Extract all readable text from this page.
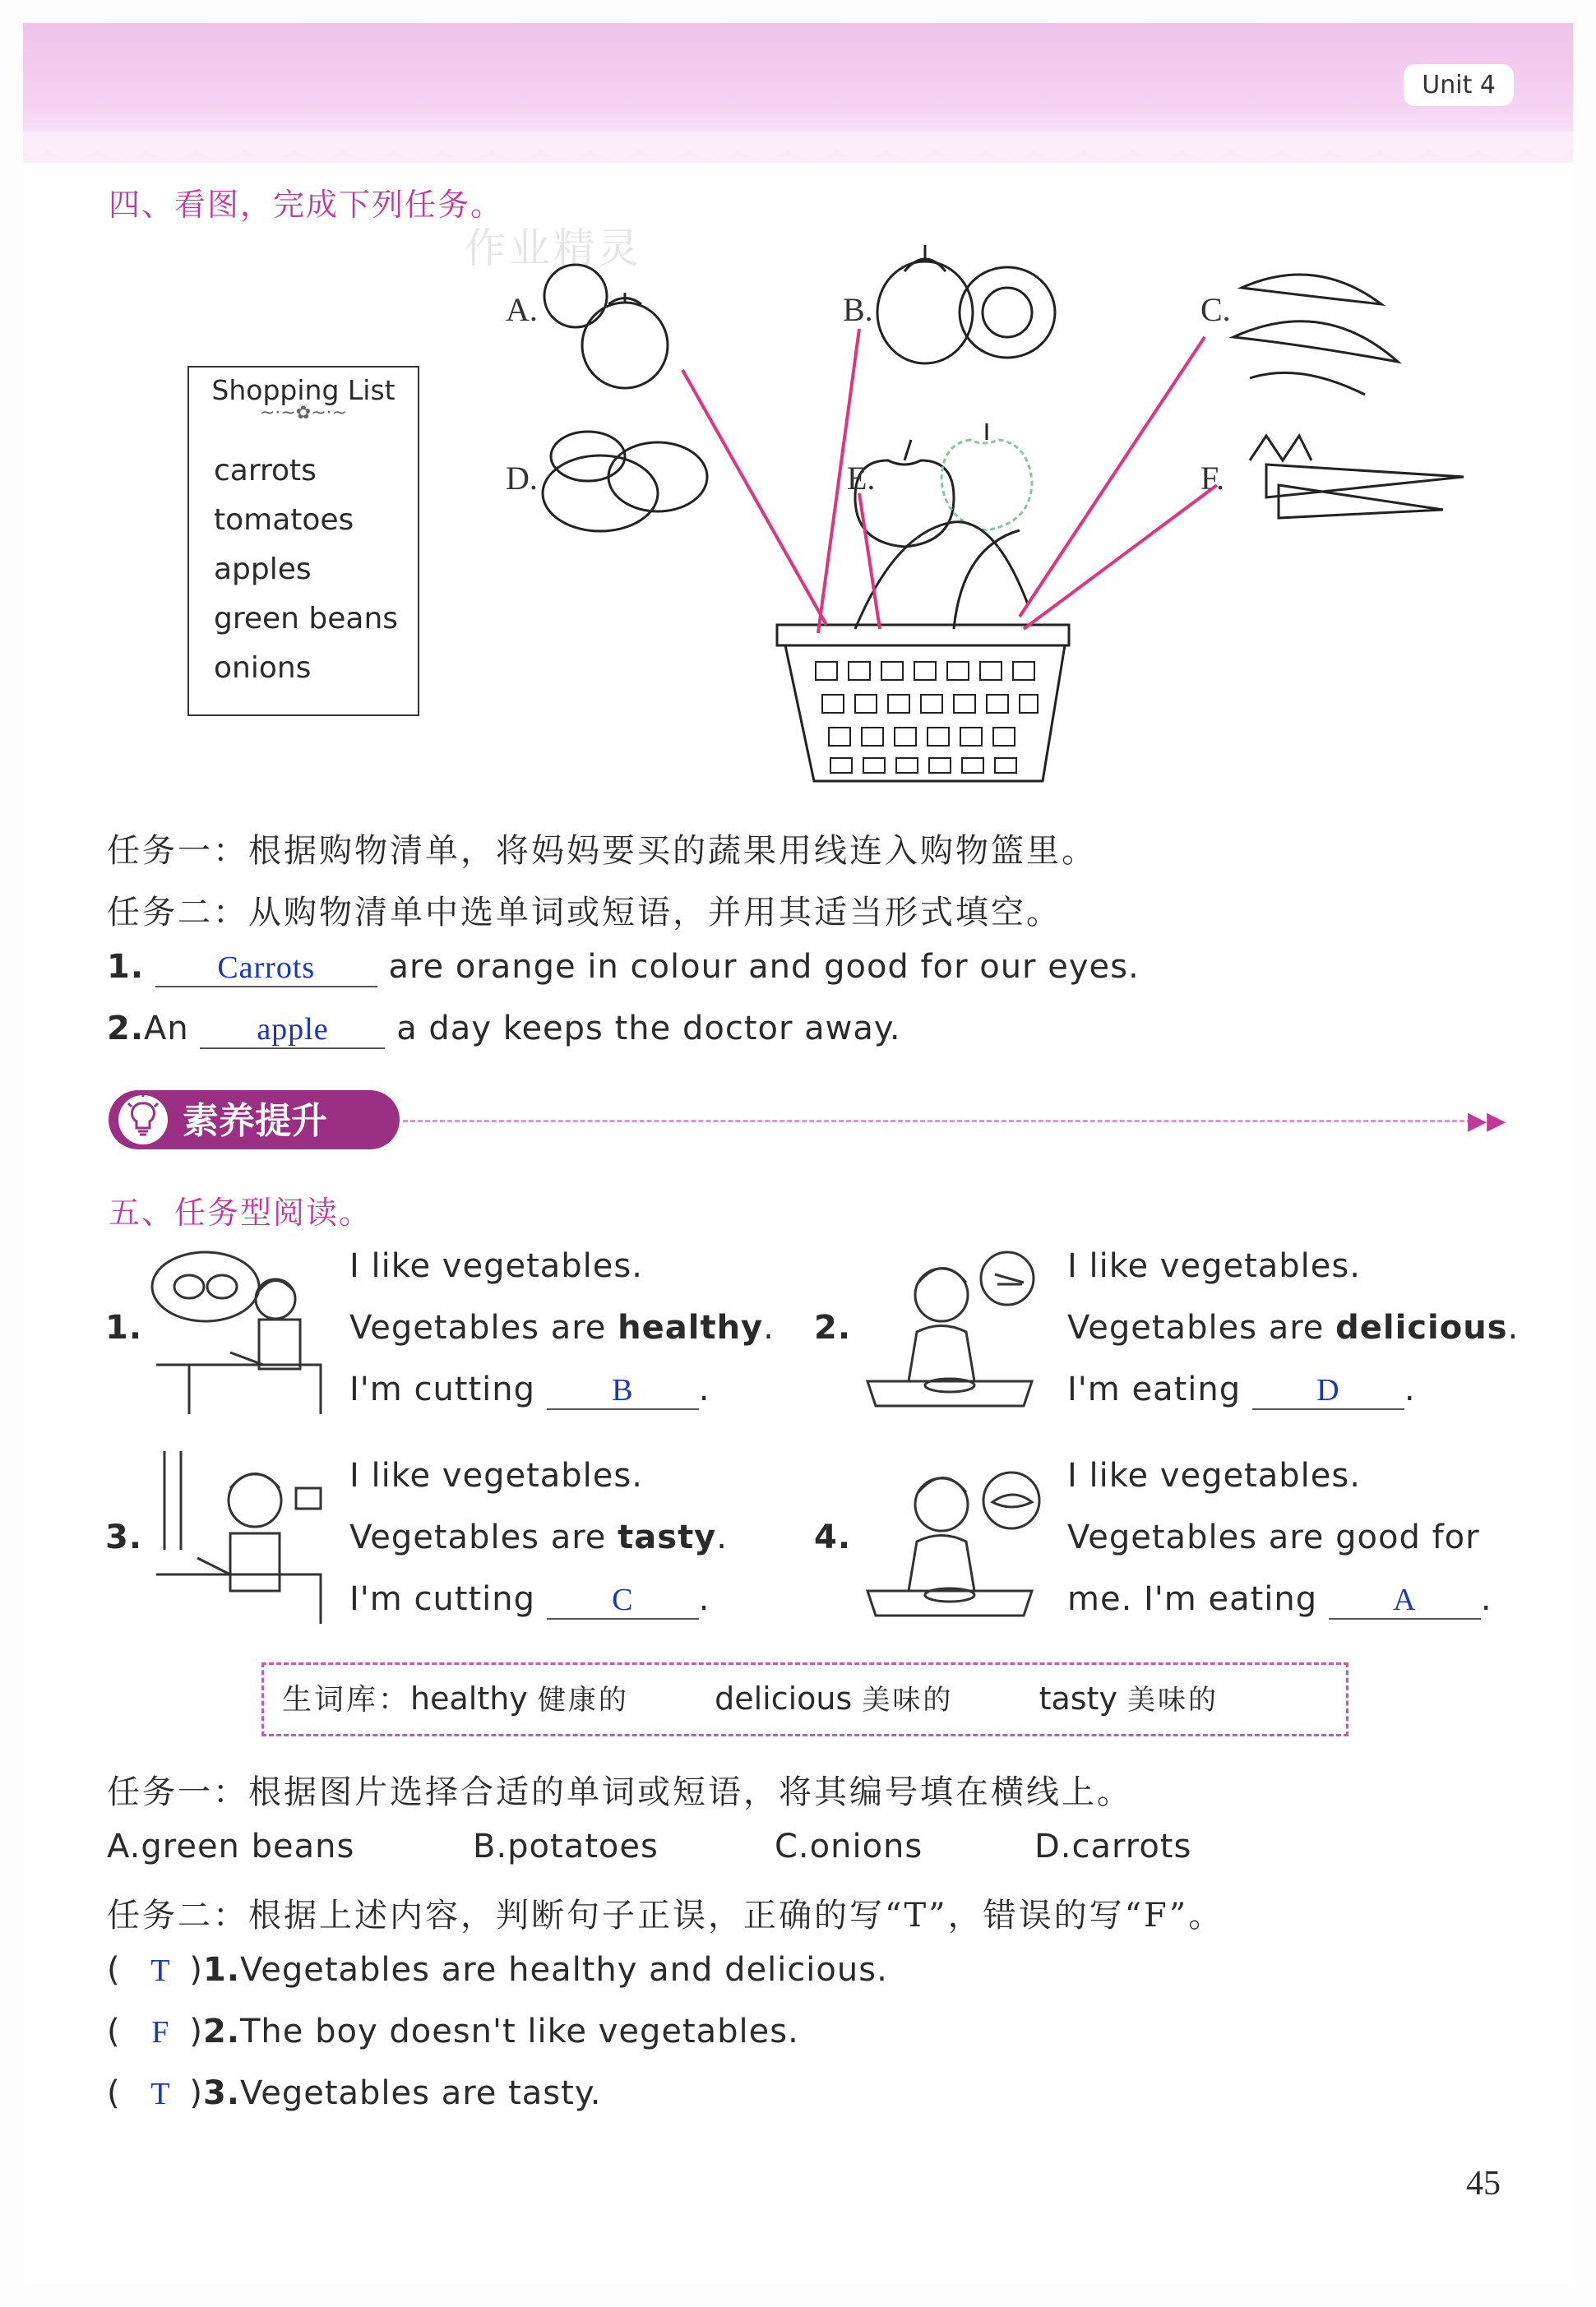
Unit 4
四、看图，完成下列任务。
作业精灵
Shopping List
~·~✿~·~
carrots
tomatoes
apples
green beans
onions
A.	B.	C.
D.	E.	F.
任务一：根据购物清单，将妈妈要买的蔬果用线连入购物篮里。
任务二：从购物清单中选单词或短语，并用其适当形式填空。
1. Carrots are orange in colour and good for our eyes.
2.An apple a day keeps the doctor away.
素养提升	▶▶
五、任务型阅读。
1.	2.
3.	4.
I like vegetables.
Vegetables are healthy.
I'm cutting B .
I like vegetables.
Vegetables are delicious.
I'm eating D .
I like vegetables.
Vegetables are tasty.
I'm cutting C .
I like vegetables.
Vegetables are good for
me. I'm eating A .
生词库：healthy 健康的	delicious 美味的	tasty 美味的
任务一：根据图片选择合适的单词或短语，将其编号填在横线上。
A.green beans	B.potatoes	C.onions	D.carrots
任务二：根据上述内容，判断句子正误，正确的写“T”，错误的写“F”。
( T )1.Vegetables are healthy and delicious.
( F )2.The boy doesn't like vegetables.
( T )3.Vegetables are tasty.
45
